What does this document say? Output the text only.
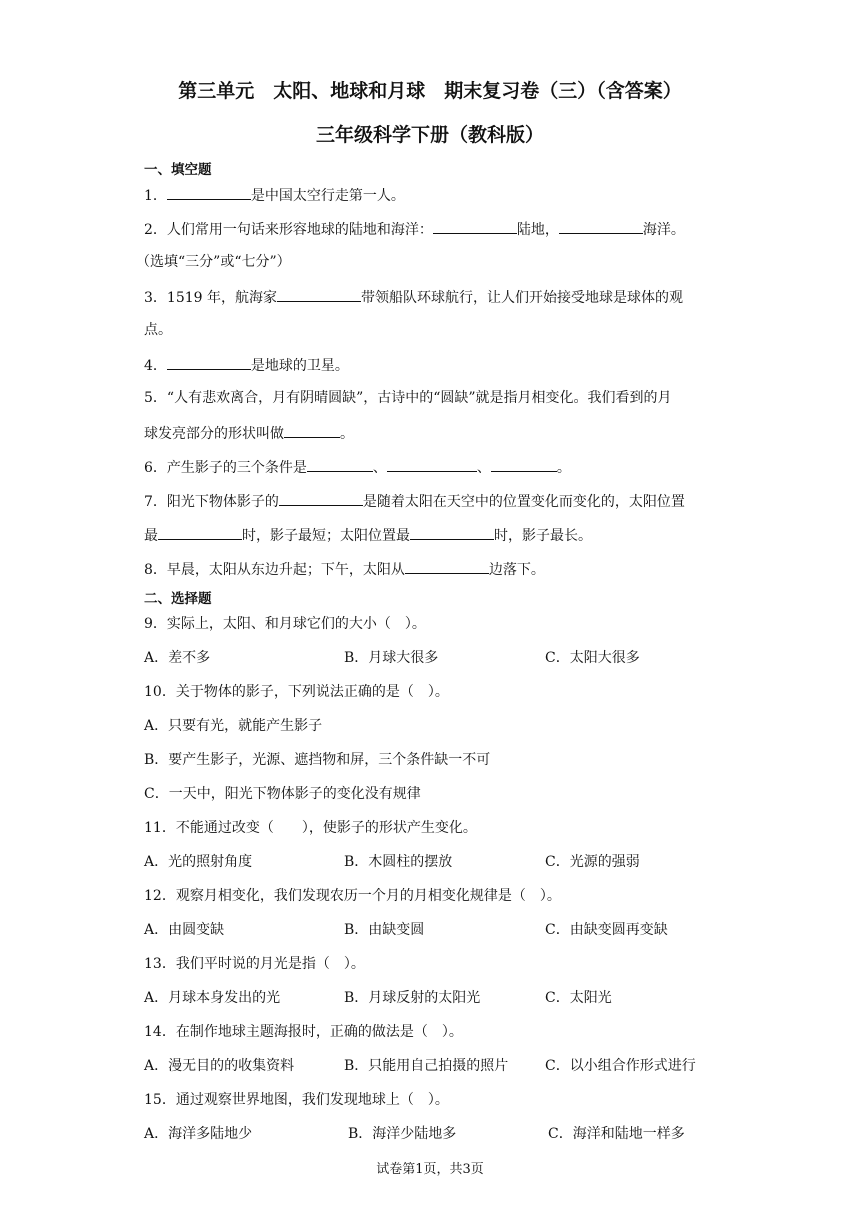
第三单元　太阳、地球和月球　期末复习卷（三）（含答案）
三年级科学下册（教科版）
一、填空题
1．	是中国太空行走第一人。
2．人们常用一句话来形容地球的陆地和海洋：	陆地，	海洋。
（选填“三分”或“七分”）
3．1519 年，航海家	带领船队环球航行，让人们开始接受地球是球体的观
点。
4．	是地球的卫星。
5．“人有悲欢离合，月有阴晴圆缺”，古诗中的“圆缺”就是指月相变化。我们看到的月
球发亮部分的形状叫做	。
6．产生影子的三个条件是	、	、	。
7．阳光下物体影子的	是随着太阳在天空中的位置变化而变化的，太阳位置
最	时，影子最短；太阳位置最	时，影子最长。
8．早晨，太阳从东边升起；下午，太阳从	边落下。
二、选择题
9．实际上，太阳、和月球它们的大小（　）。
A．差不多	B．月球大很多	C．太阳大很多
10．关于物体的影子，下列说法正确的是（　）。
A．只要有光，就能产生影子
B．要产生影子，光源、遮挡物和屏，三个条件缺一不可
C．一天中，阳光下物体影子的变化没有规律
11．不能通过改变（　　），使影子的形状产生变化。
A．光的照射角度	B．木圆柱的摆放	C．光源的强弱
12．观察月相变化，我们发现农历一个月的月相变化规律是（　）。
A．由圆变缺	B．由缺变圆	C．由缺变圆再变缺
13．我们平时说的月光是指（　）。
A．月球本身发出的光	B．月球反射的太阳光	C．太阳光
14．在制作地球主题海报时，正确的做法是（　）。
A．漫无目的的收集资料	B．只能用自己拍摄的照片	C．以小组合作形式进行
15．通过观察世界地图，我们发现地球上（　）。
A．海洋多陆地少	B．海洋少陆地多	C．海洋和陆地一样多
试卷第1页，共3页
